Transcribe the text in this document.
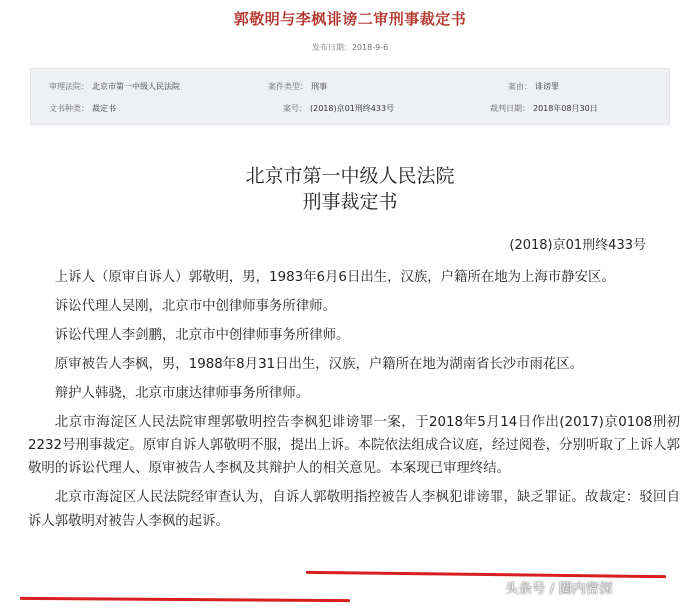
郭敬明与李枫诽谤二审刑事裁定书
发布日期：2018-9-6
审理法院： 北京市第一中级人民法院	案件类型： 刑事	案由： 诽谤罪
文书种类： 裁定书	案号： (2018)京01刑终433号	裁判日期： 2018年08月30日
北京市第一中级人民法院
刑事裁定书
(2018)京01刑终433号

上诉人（原审自诉人）郭敬明，男，1983年6月6日出生，汉族，户籍所在地为上海市静安区。

诉讼代理人吴刚，北京市中创律师事务所律师。

诉讼代理人李剑鹏，北京市中创律师事务所律师。

原审被告人李枫，男，1988年8月31日出生，汉族，户籍所在地为湖南省长沙市雨花区。

辩护人韩骁，北京市康达律师事务所律师。

北京市海淀区人民法院审理郭敬明控告李枫犯诽谤罪一案，于2018年5月14日作出(2017)京0108刑初2232号刑事裁定。原审自诉人郭敬明不服，提出上诉。本院依法组成合议庭，经过阅卷，分别听取了上诉人郭敬明的诉讼代理人、原审被告人李枫及其辩护人的相关意见。本案现已审理终结。

北京市海淀区人民法院经审查认为，自诉人郭敬明指控被告人李枫犯诽谤罪，缺乏罪证。故裁定：驳回自诉人郭敬明对被告人李枫的起诉。

头条号 / 圈内密探
